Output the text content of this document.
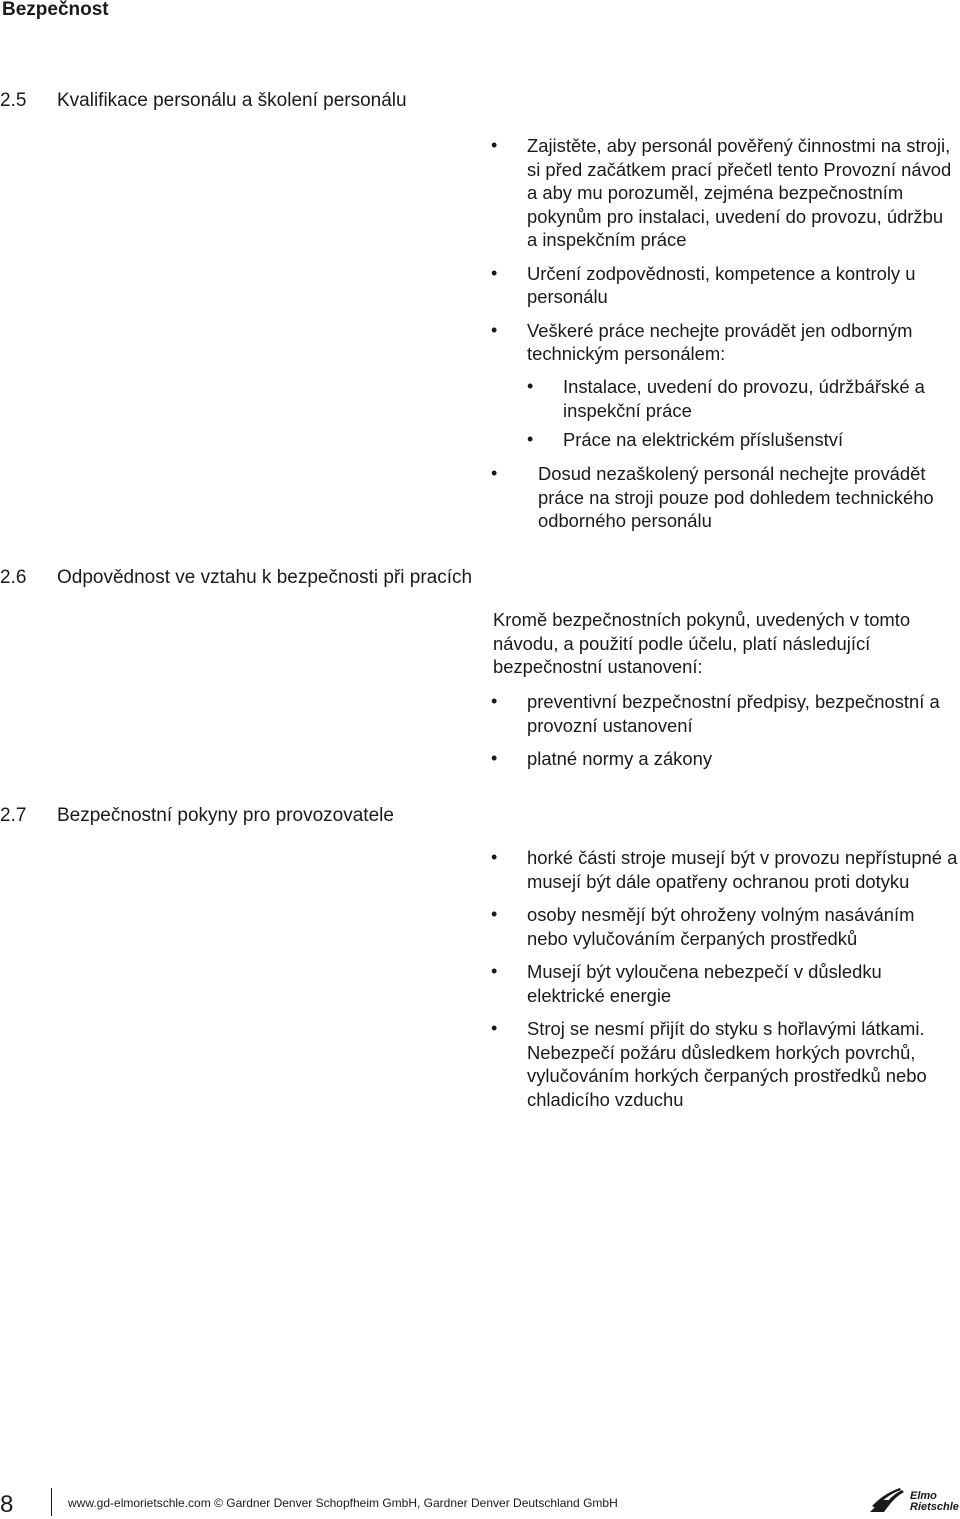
Bezpečnost
2.5 Kvalifikace personálu a školení personálu
• Zajistěte, aby personál pověřený činnostmi na stroji, si před začátkem prací přečetl tento Provozní návod a aby mu porozuměl, zejména bezpečnostním pokynům pro instalaci, uvedení do provozu, údržbu a inspekčním práce
• Určení zodpovědnosti, kompetence a kontroly u personálu
• Veškeré práce nechejte provádět jen odborným technickým personálem:
• Instalace, uvedení do provozu, údržbářské a inspekční práce
• Práce na elektrickém příslušenství
• Dosud nezaškolený personál nechejte provádět práce na stroji pouze pod dohledem technického odborného personálu
2.6 Odpovědnost ve vztahu k bezpečnosti při pracích
Kromě bezpečnostních pokynů, uvedených v tomto návodu, a použití podle účelu, platí následující bezpečnostní ustanovení:
• preventivní bezpečnostní předpisy, bezpečnostní a provozní ustanovení
• platné normy a zákony
2.7 Bezpečnostní pokyny pro provozovatele
• horké části stroje musejí být v provozu nepřístupné a musejí být dále opatřeny ochranou proti dotyku
• osoby nesmějí být ohroženy volným nasáváním nebo vylučováním čerpaných prostředků
• Musejí být vyloučena nebezpečí v důsledku elektrické energie
• Stroj se nesmí přijít do styku s hořlavými látkami. Nebezpečí požáru důsledkem horkých povrchů, vylučováním horkých čerpaných prostředků nebo chladicího vzduchu
8	www.gd-elmorietschle.com © Gardner Denver Schopfheim GmbH, Gardner Denver Deutschland GmbH	Elmo
Rietschle
